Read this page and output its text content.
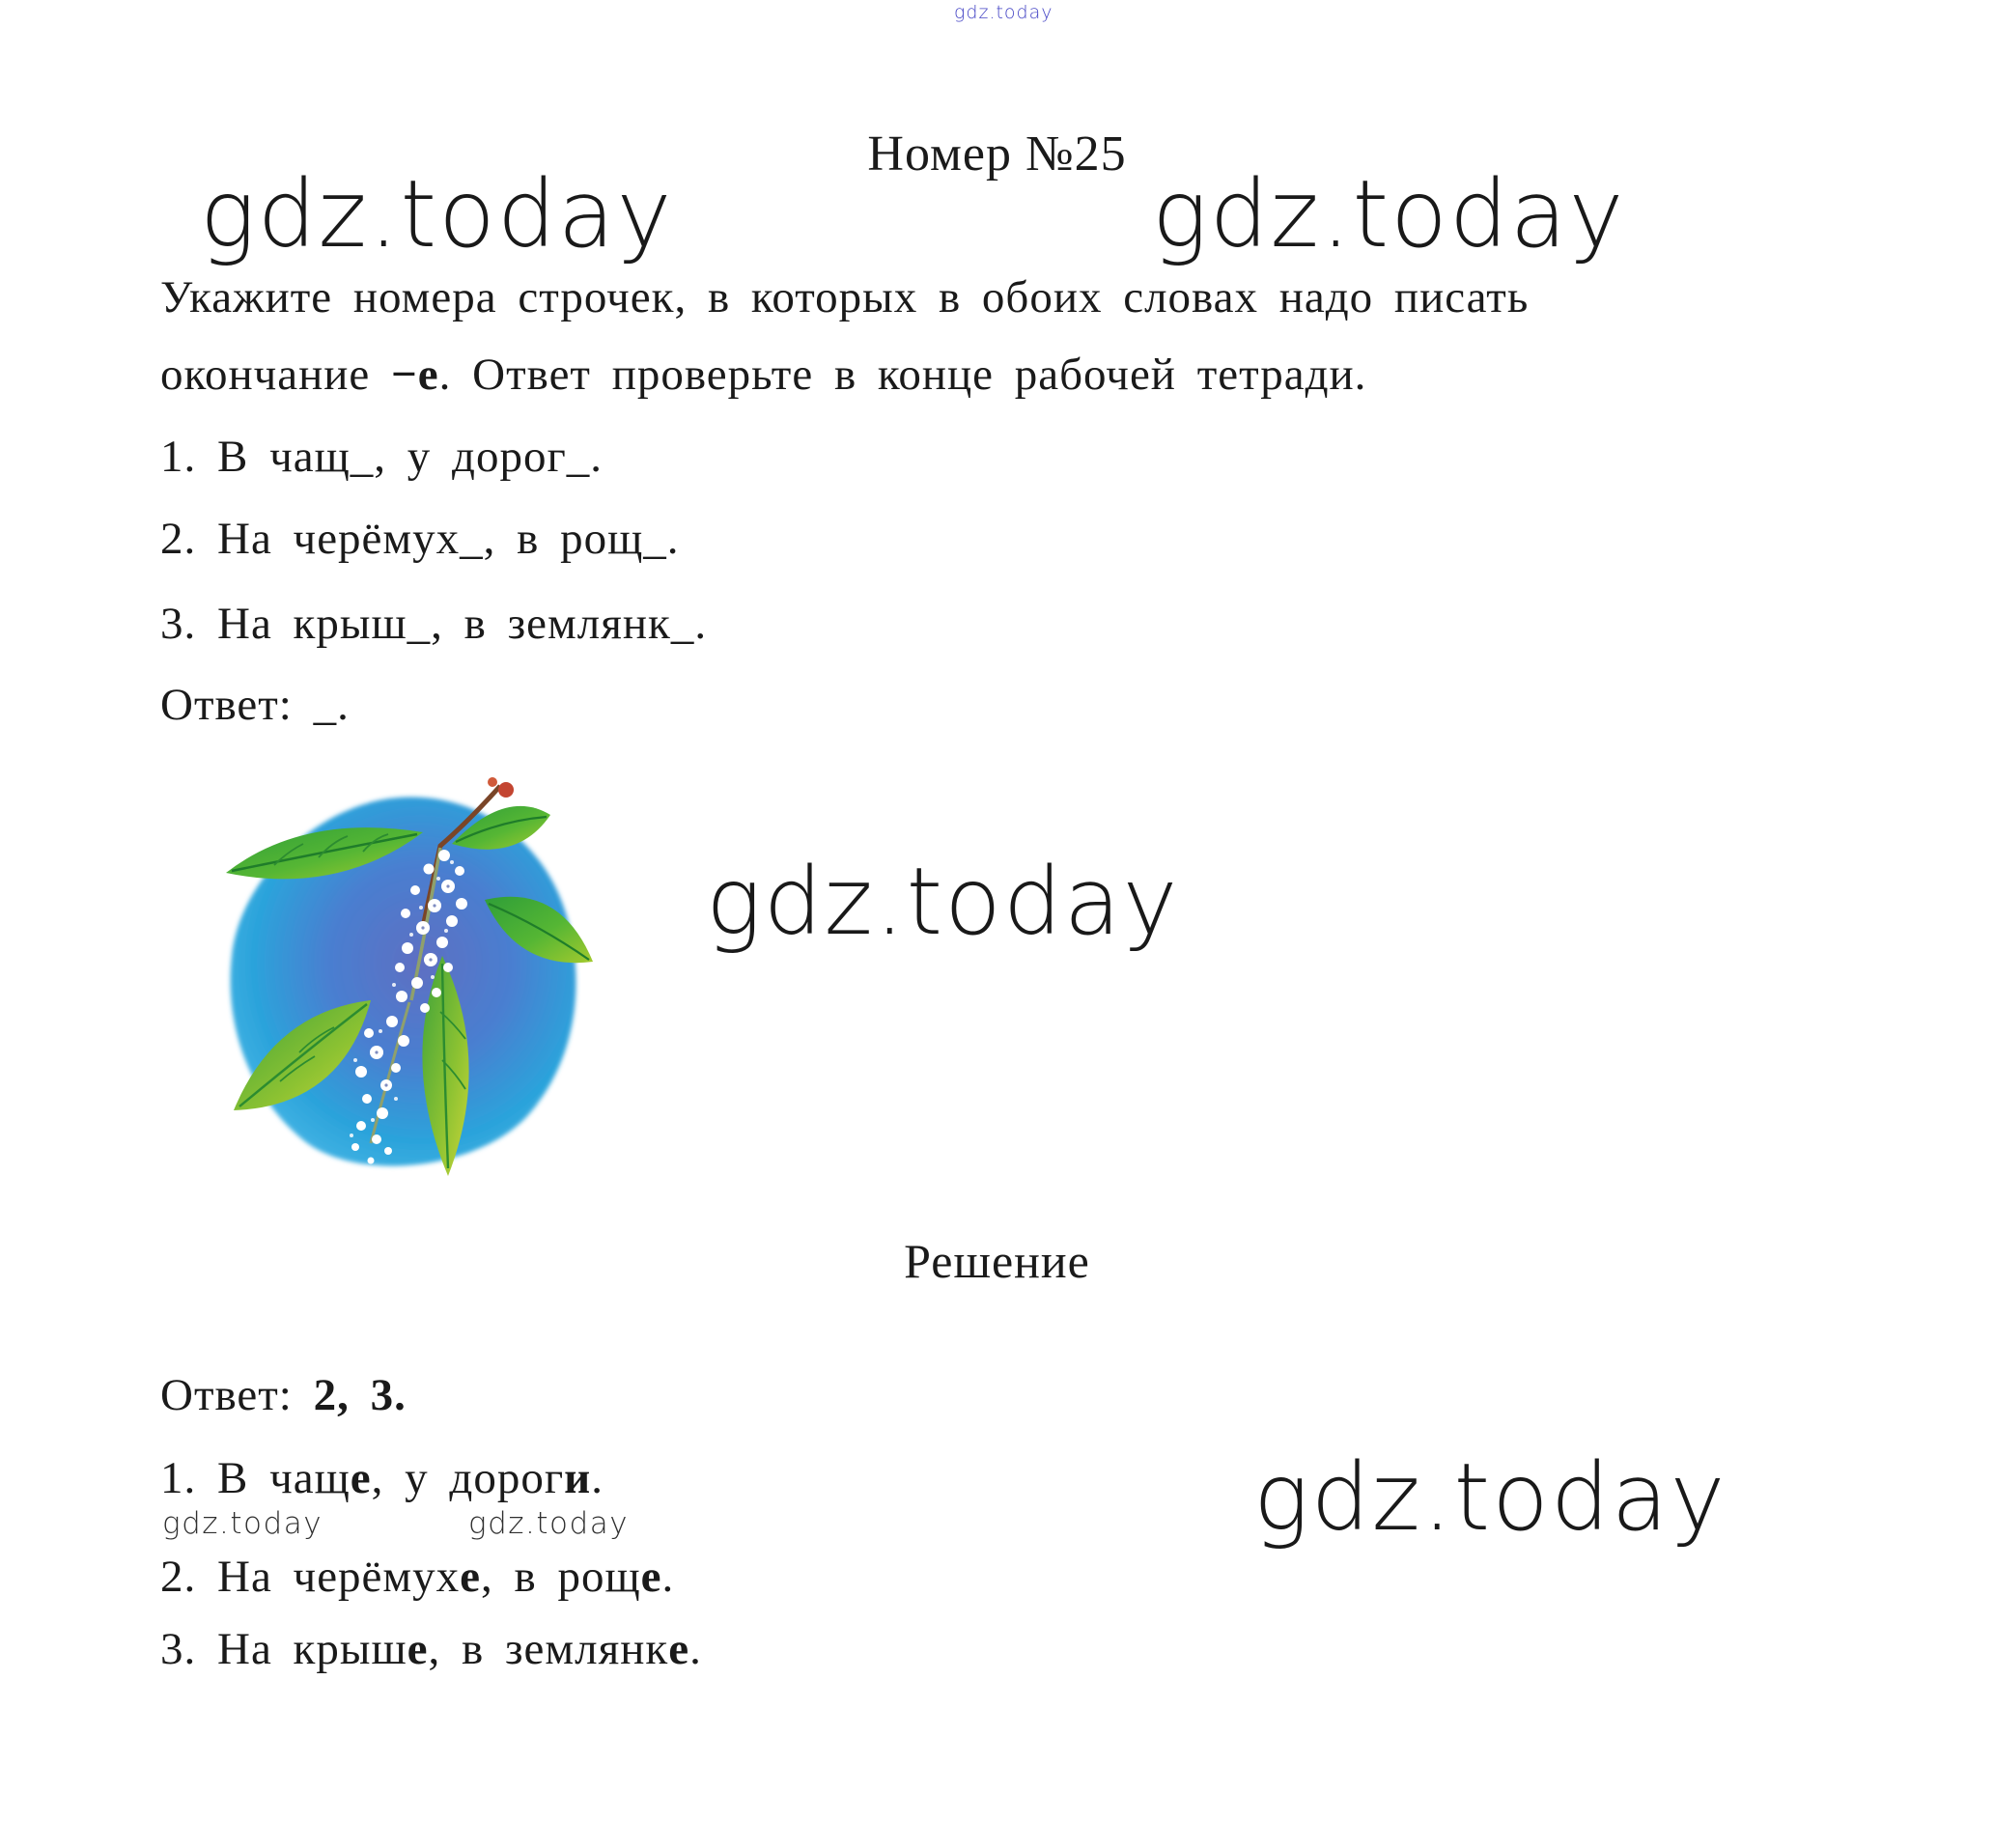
gdz.today
Номер №25
gdz.today	gdz.today
Укажите номера строчек, в которых в обоих словах надо писать
окончание −е. Ответ проверьте в конце рабочей тетради.
1. В чащ_, у дорог_.
2. На черёмух_, в рощ_.
3. На крыш_, в землянк_.
Ответ: _.
gdz.today
Решение
Ответ: 2, 3.
1. В чаще, у дороги.
gdz.today	gdz.today
2. На черёмухе, в роще.
3. На крыше, в землянке.
gdz.today
